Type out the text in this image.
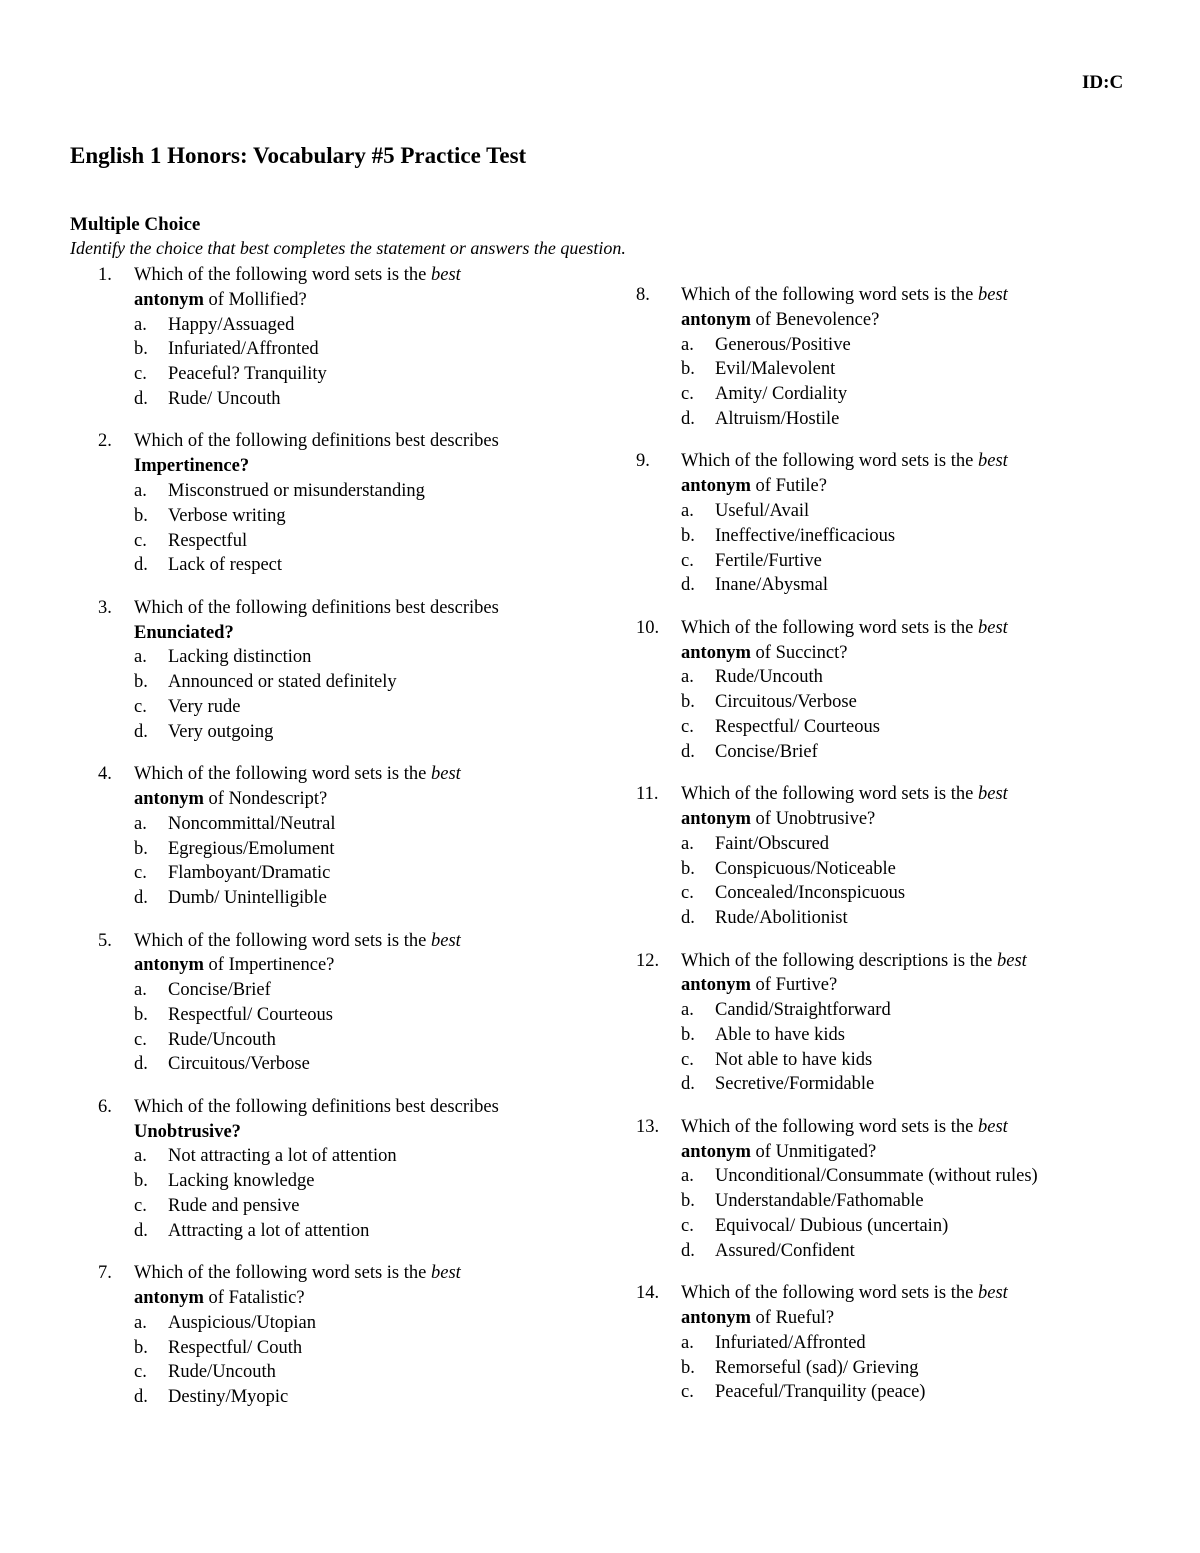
ID:C
English 1 Honors: Vocabulary #5 Practice Test
Multiple Choice
Identify the choice that best completes the statement or answers the question.
1. Which of the following word sets is the best
antonym of Mollified?
a. Happy/Assuaged
b. Infuriated/Affronted
c. Peaceful? Tranquility
d. Rude/ Uncouth
2. Which of the following definitions best describes
Impertinence?
a. Misconstrued or misunderstanding
b. Verbose writing
c. Respectful
d. Lack of respect
3. Which of the following definitions best describes
Enunciated?
a. Lacking distinction
b. Announced or stated definitely
c. Very rude
d. Very outgoing
4. Which of the following word sets is the best
antonym of Nondescript?
a. Noncommittal/Neutral
b. Egregious/Emolument
c. Flamboyant/Dramatic
d. Dumb/ Unintelligible
5. Which of the following word sets is the best
antonym of Impertinence?
a. Concise/Brief
b. Respectful/ Courteous
c. Rude/Uncouth
d. Circuitous/Verbose
6. Which of the following definitions best describes
Unobtrusive?
a. Not attracting a lot of attention
b. Lacking knowledge
c. Rude and pensive
d. Attracting a lot of attention
7. Which of the following word sets is the best
antonym of Fatalistic?
a. Auspicious/Utopian
b. Respectful/ Couth
c. Rude/Uncouth
d. Destiny/Myopic
8. Which of the following word sets is the best
antonym of Benevolence?
a. Generous/Positive
b. Evil/Malevolent
c. Amity/ Cordiality
d. Altruism/Hostile
9. Which of the following word sets is the best
antonym of Futile?
a. Useful/Avail
b. Ineffective/inefficacious
c. Fertile/Furtive
d. Inane/Abysmal
10. Which of the following word sets is the best
antonym of Succinct?
a. Rude/Uncouth
b. Circuitous/Verbose
c. Respectful/ Courteous
d. Concise/Brief
11. Which of the following word sets is the best
antonym of Unobtrusive?
a. Faint/Obscured
b. Conspicuous/Noticeable
c. Concealed/Inconspicuous
d. Rude/Abolitionist
12. Which of the following descriptions is the best
antonym of Furtive?
a. Candid/Straightforward
b. Able to have kids
c. Not able to have kids
d. Secretive/Formidable
13. Which of the following word sets is the best
antonym of Unmitigated?
a. Unconditional/Consummate (without rules)
b. Understandable/Fathomable
c. Equivocal/ Dubious (uncertain)
d. Assured/Confident
14. Which of the following word sets is the best
antonym of Rueful?
a. Infuriated/Affronted
b. Remorseful (sad)/ Grieving
c. Peaceful/Tranquility (peace)
